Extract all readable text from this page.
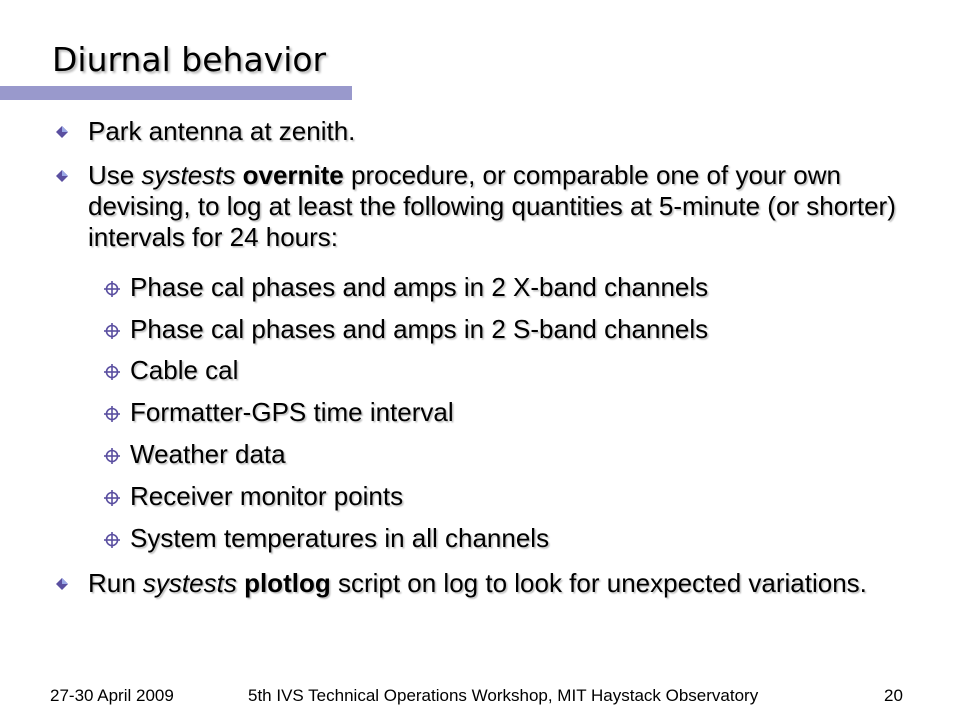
Diurnal behavior
Park antenna at zenith.
Use systests overnite procedure, or comparable one of your own devising, to log at least the following quantities at 5-minute (or shorter) intervals for 24 hours:
Phase cal phases and amps in 2 X-band channels
Phase cal phases and amps in 2 S-band channels
Cable cal
Formatter-GPS time interval
Weather data
Receiver monitor points
System temperatures in all channels
Run systests plotlog script on log to look for unexpected variations.
27-30 April 2009	5th IVS Technical Operations Workshop, MIT Haystack Observatory	20
